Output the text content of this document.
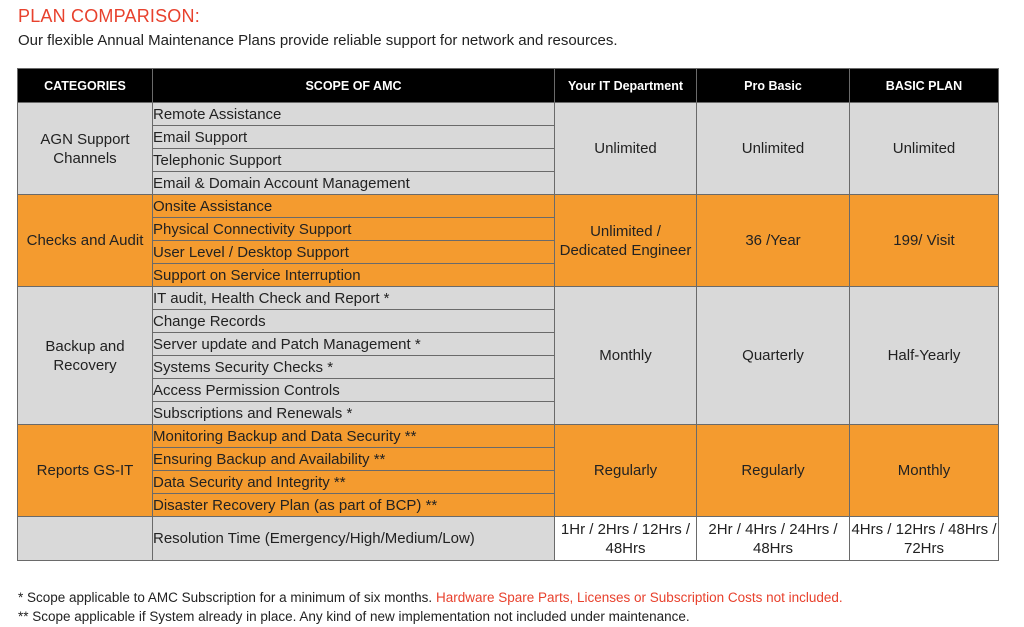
PLAN COMPARISON:
Our flexible Annual Maintenance Plans provide reliable support for network and resources.
CATEGORIES	SCOPE OF AMC	Your IT Department	Pro Basic	BASIC PLAN
AGN Support Channels	Remote Assistance	Unlimited	Unlimited	Unlimited
	Email Support			
	Telephonic Support			
	Email & Domain Account Management			
Checks and Audit	Onsite Assistance	Unlimited / Dedicated Engineer	36 /Year	199/ Visit
	Physical Connectivity Support			
	User Level / Desktop Support			
	Support on Service Interruption			
Backup and Recovery	IT audit, Health Check and Report *	Monthly	Quarterly	Half-Yearly
	Change Records			
	Server update and Patch Management *			
	Systems Security Checks *			
	Access Permission Controls			
	Subscriptions and Renewals *			
Reports GS-IT	Monitoring Backup and Data Security **	Regularly	Regularly	Monthly
	Ensuring Backup and Availability **			
	Data Security and Integrity **			
	Disaster Recovery Plan (as part of BCP) **			
	Resolution Time (Emergency/High/Medium/Low)	1Hr / 2Hrs / 12Hrs / 48Hrs	2Hr / 4Hrs / 24Hrs / 48Hrs	4Hrs / 12Hrs / 48Hrs / 72Hrs
* Scope applicable to AMC Subscription for a minimum of six months. Hardware Spare Parts, Licenses or Subscription Costs not included.
** Scope applicable if System already in place. Any kind of new implementation not included under maintenance.
